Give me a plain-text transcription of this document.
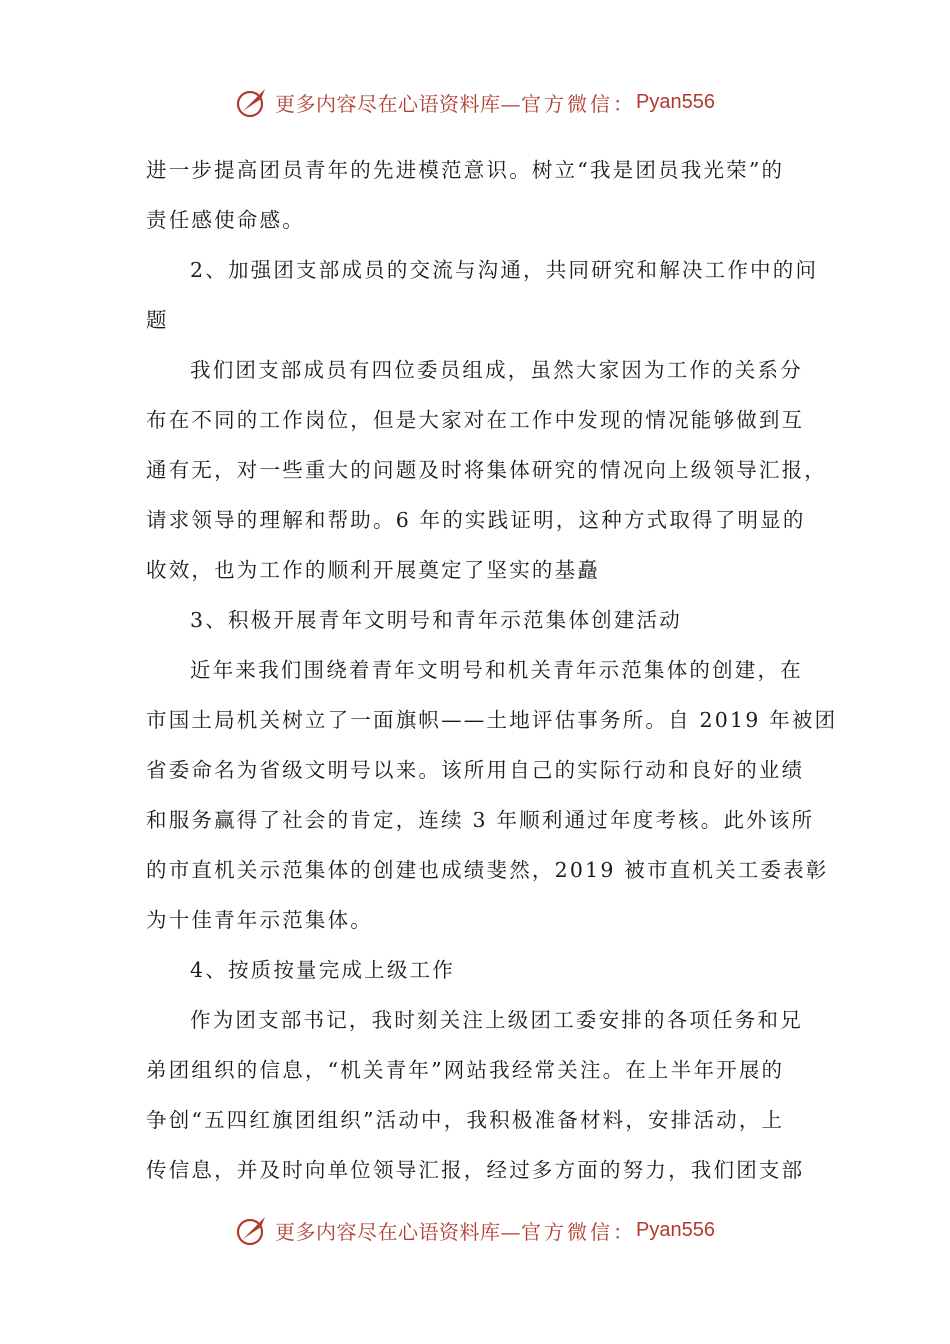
更多内容尽在心语资料库— 官方微信： Pyan556
进一步提高团员青年的先进模范意识。树立“我是团员我光荣”的
责任感使命感。
2、加强团支部成员的交流与沟通，共同研究和解决工作中的问
题
我们团支部成员有四位委员组成，虽然大家因为工作的关系分
布在不同的工作岗位，但是大家对在工作中发现的情况能够做到互
通有无，对一些重大的问题及时将集体研究的情况向上级领导汇报，
请求领导的理解和帮助。6 年的实践证明，这种方式取得了明显的
收效，也为工作的顺利开展奠定了坚实的基矗
3、积极开展青年文明号和青年示范集体创建活动
近年来我们围绕着青年文明号和机关青年示范集体的创建，在
市国土局机关树立了一面旗帜——土地评估事务所。自 2019 年被团
省委命名为省级文明号以来。该所用自己的实际行动和良好的业绩
和服务赢得了社会的肯定，连续 3 年顺利通过年度考核。此外该所
的市直机关示范集体的创建也成绩斐然，2019 被市直机关工委表彰
为十佳青年示范集体。
4、按质按量完成上级工作
作为团支部书记，我时刻关注上级团工委安排的各项任务和兄
弟团组织的信息，“机关青年”网站我经常关注。在上半年开展的
争创“五四红旗团组织”活动中，我积极准备材料，安排活动，上
传信息，并及时向单位领导汇报，经过多方面的努力，我们团支部
更多内容尽在心语资料库— 官方微信： Pyan556
